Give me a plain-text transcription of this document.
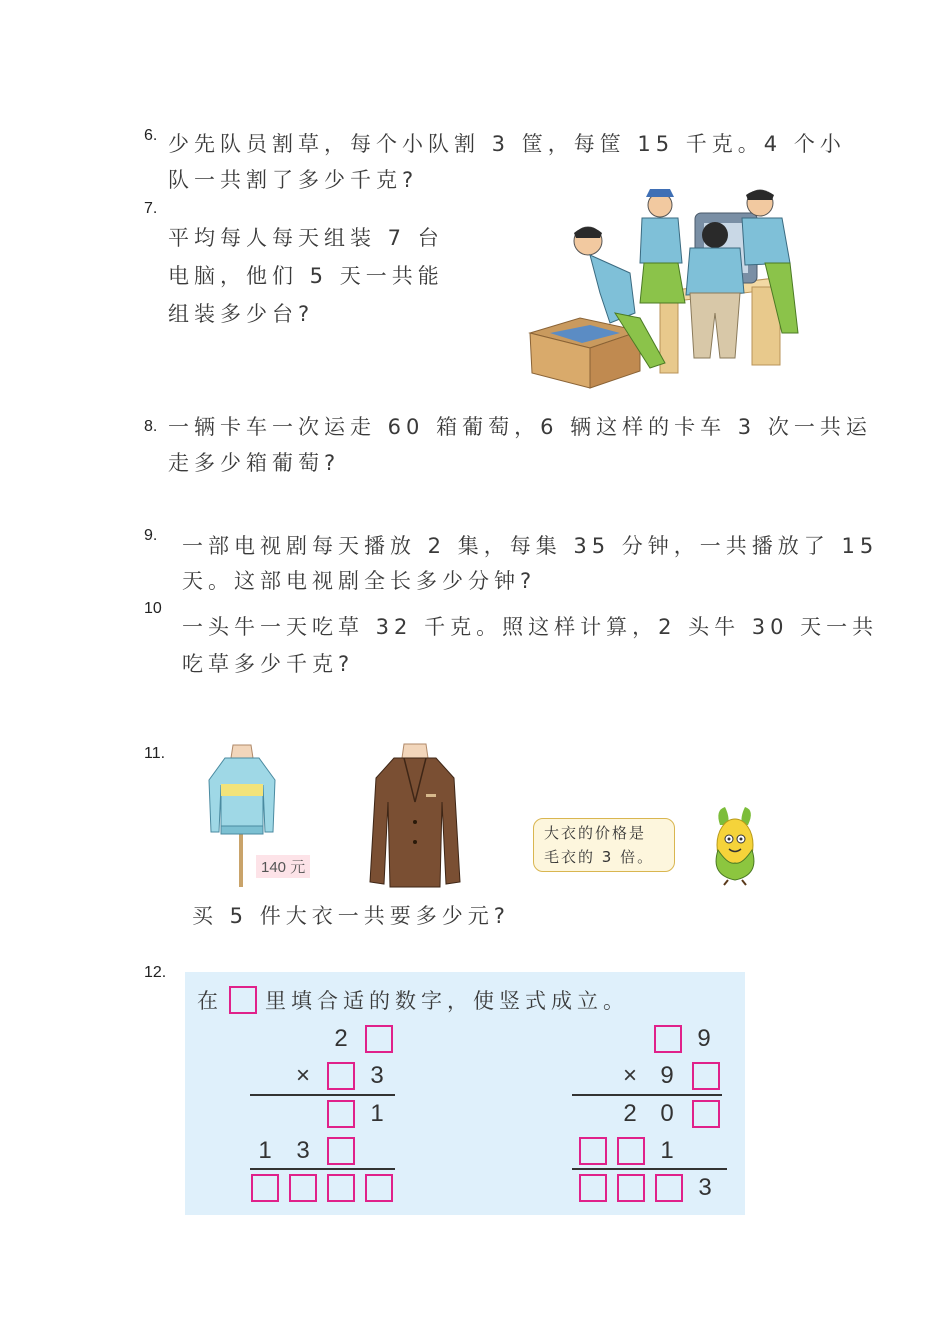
6. 少先队员割草，每个小队割 3 筐，每筐 15 千克。4 个小
队一共割了多少千克?
7.
平均每人每天组装 7 台
电脑，他们 5 天一共能
组装多少台?
8. 一辆卡车一次运走 60 箱葡萄，6 辆这样的卡车 3 次一共运
走多少箱葡萄?
9. 一部电视剧每天播放 2 集，每集 35 分钟，一共播放了 15
天。这部电视剧全长多少分钟?
10
一头牛一天吃草 32 千克。照这样计算，2 头牛 30 天一共
吃草多少千克?
11.
140 元
大衣的价格是
毛衣的 3 倍。
买 5 件大衣一共要多少元?
12.
在 里填合适的数字，使竖式成立。
2
×	3
1
1	3
9
× 9
2 0
1
3
